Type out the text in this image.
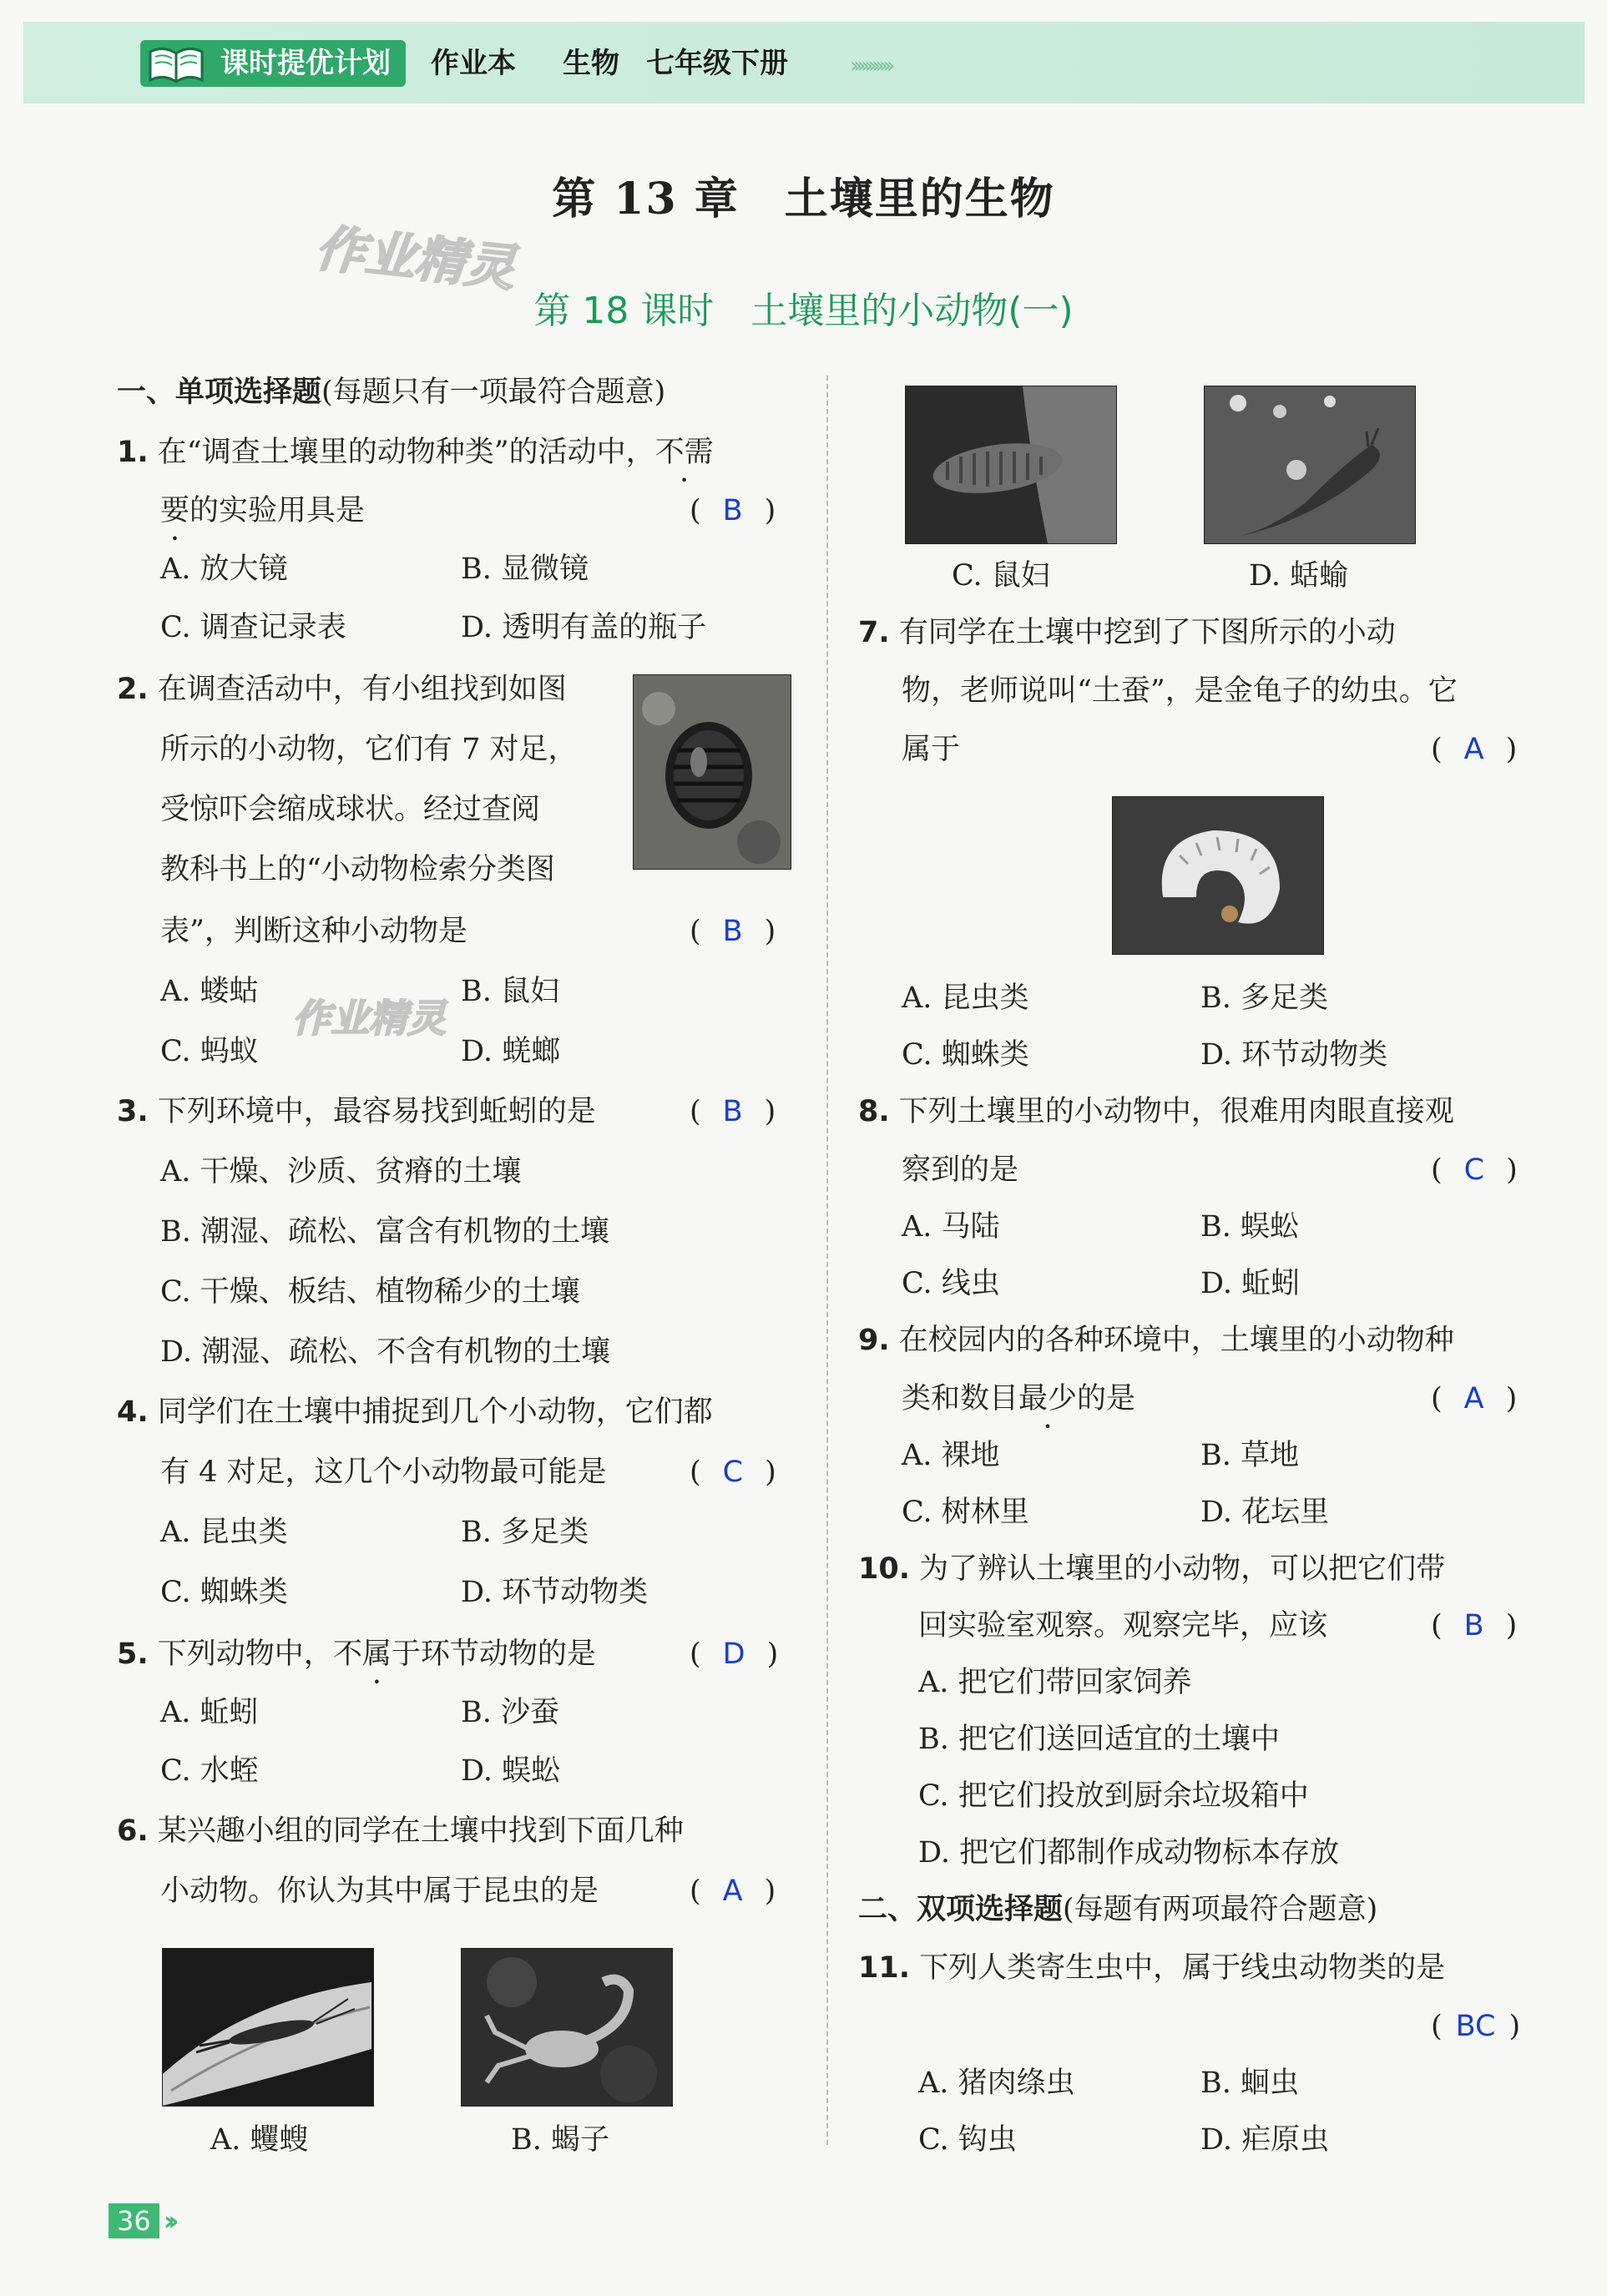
课时提优计划	作业本 生物 七年级下册	›››››››››››
第 13 章　土壤里的生物
第 18 课时　土壤里的小动物(一)
作业精灵
作业精灵
一、单项选择题(每题只有一项最符合题意)
1. 在“调查土壤里的动物种类”的活动中，不需
要的实验用具是	( B )
A. 放大镜	B. 显微镜
C. 调查记录表	D. 透明有盖的瓶子
2. 在调查活动中，有小组找到如图
所示的小动物，它们有 7 对足，
受惊吓会缩成球状。经过查阅
教科书上的“小动物检索分类图
表”，判断这种小动物是	( B )
A. 蝼蛄	B. 鼠妇
C. 蚂蚁	D. 蜣螂
3. 下列环境中，最容易找到蚯蚓的是	( B )
A. 干燥、沙质、贫瘠的土壤
B. 潮湿、疏松、富含有机物的土壤
C. 干燥、板结、植物稀少的土壤
D. 潮湿、疏松、不含有机物的土壤
4. 同学们在土壤中捕捉到几个小动物，它们都
有 4 对足，这几个小动物最可能是	( C )
A. 昆虫类	B. 多足类
C. 蜘蛛类	D. 环节动物类
5. 下列动物中，不属于环节动物的是	( D )
A. 蚯蚓	B. 沙蚕
C. 水蛭	D. 蜈蚣
6. 某兴趣小组的同学在土壤中找到下面几种
小动物。你认为其中属于昆虫的是	( A )
A. 蠼螋	B. 蝎子
C. 鼠妇	D. 蛞蝓
7. 有同学在土壤中挖到了下图所示的小动
物，老师说叫“土蚕”，是金龟子的幼虫。它
属于	( A )
A. 昆虫类	B. 多足类
C. 蜘蛛类	D. 环节动物类
8. 下列土壤里的小动物中，很难用肉眼直接观
察到的是	( C )
A. 马陆	B. 蜈蚣
C. 线虫	D. 蚯蚓
9. 在校园内的各种环境中，土壤里的小动物种
类和数目最少的是	( A )
A. 裸地	B. 草地
C. 树林里	D. 花坛里
10. 为了辨认土壤里的小动物，可以把它们带
回实验室观察。观察完毕，应该	( B )
A. 把它们带回家饲养
B. 把它们送回适宜的土壤中
C. 把它们投放到厨余垃圾箱中
D. 把它们都制作成动物标本存放
二、双项选择题(每题有两项最符合题意)
11. 下列人类寄生虫中，属于线虫动物类的是
( BC )
A. 猪肉绦虫	B. 蛔虫
C. 钩虫	D. 疟原虫
36 ››
